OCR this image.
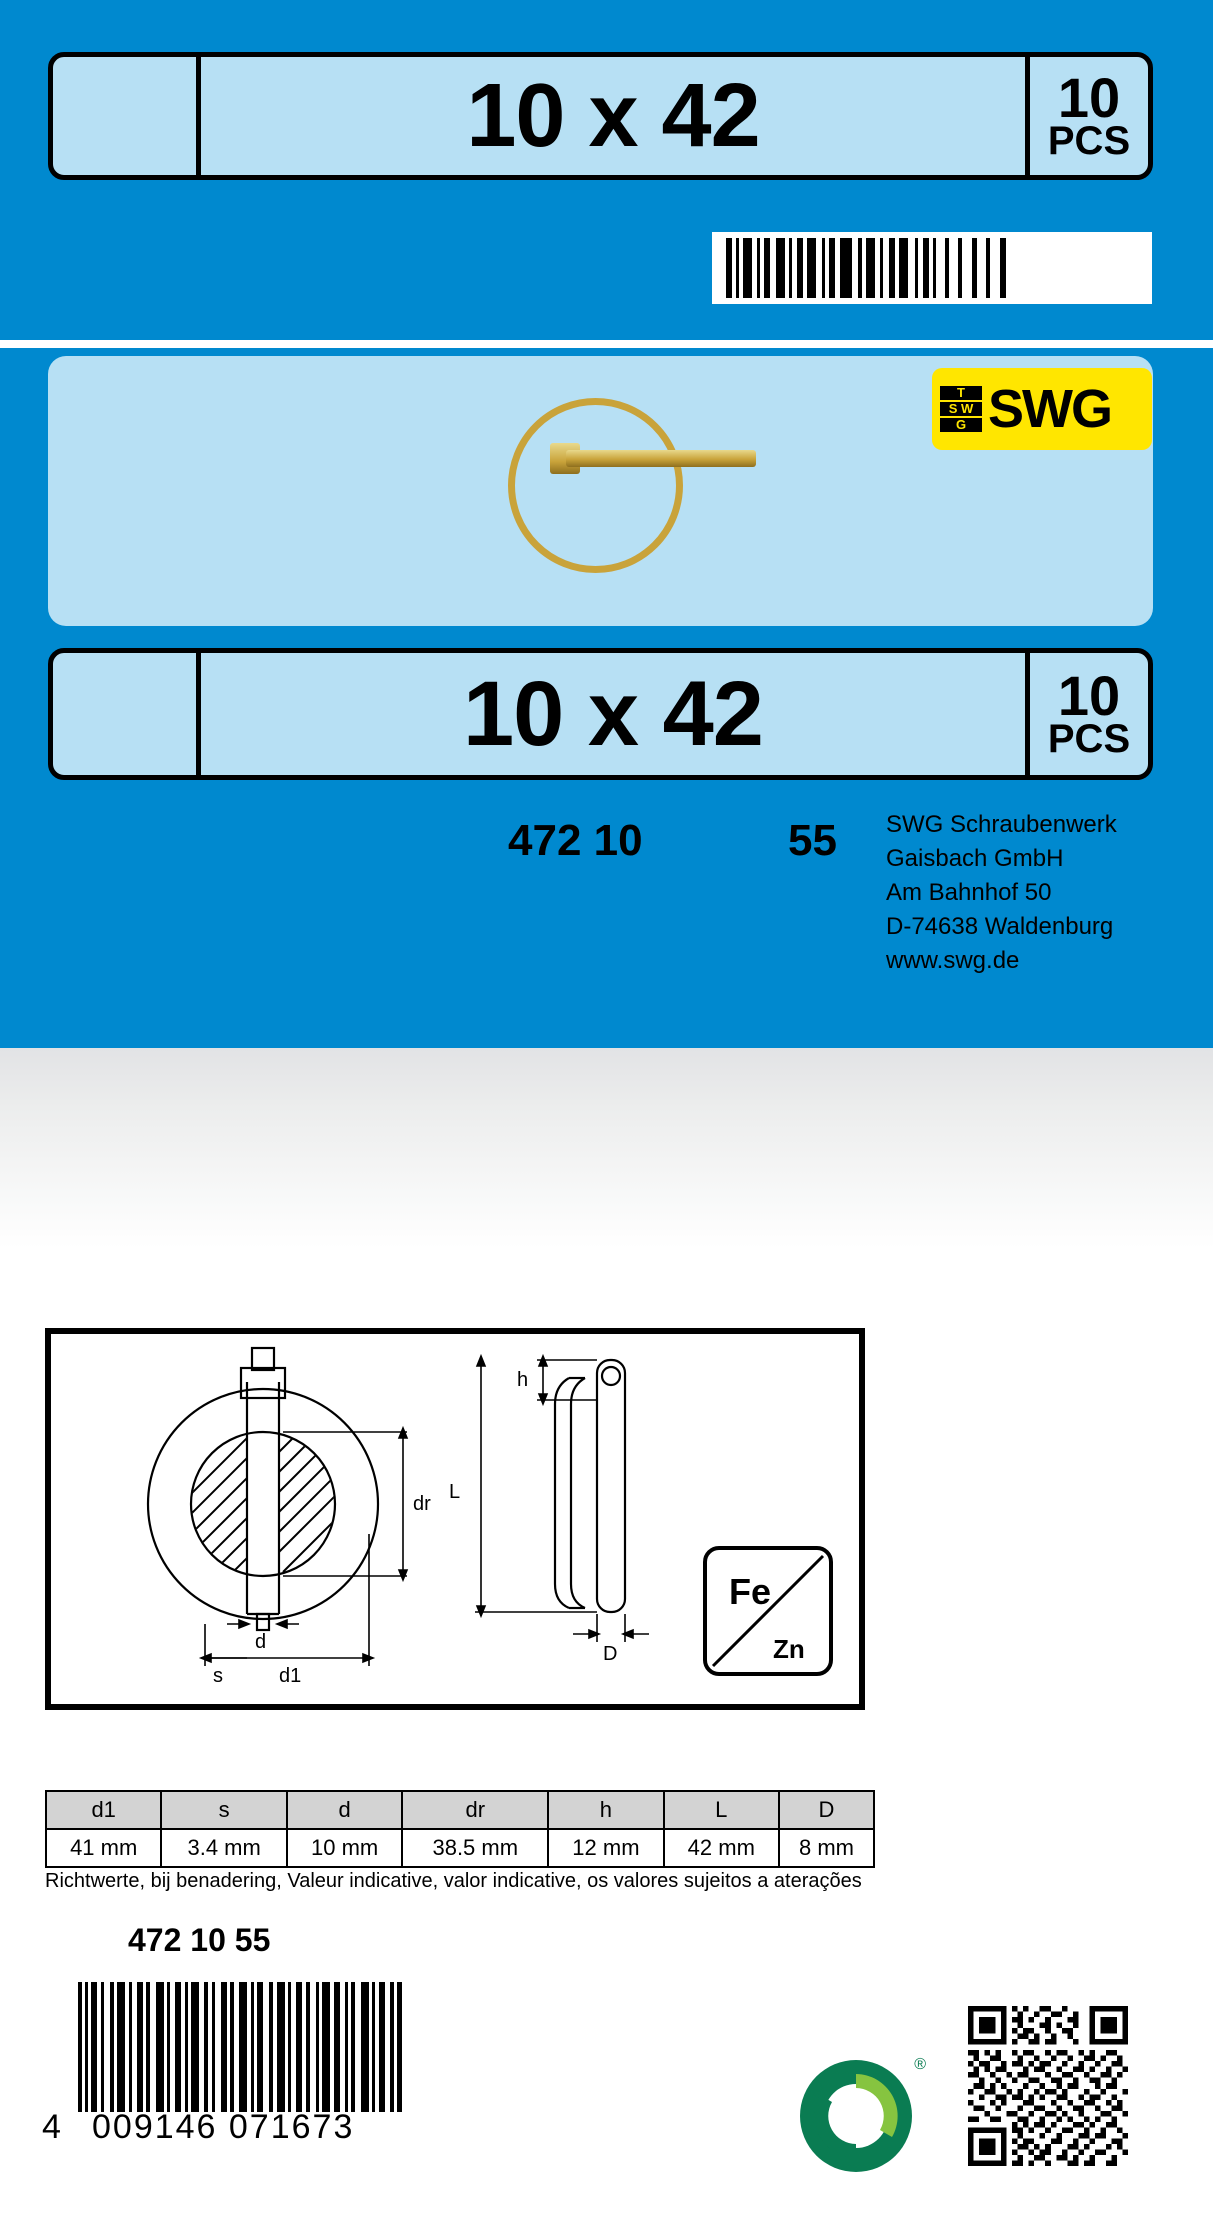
10 x 42	10
PCS
T
S W
G SWG
10 x 42	10
PCS
472 10	55 SWG Schraubenwerk
Gaisbach GmbH
Am Bahnhof 50
D-74638 Waldenburg
www.swg.de
dr
d1
s
d
h
L
D
Fe
Zn
d1	s	d	dr	h	L	D
41 mm	3.4 mm	10 mm	38.5 mm	12 mm	42 mm	8 mm
Richtwerte, bij benadering, Valeur indicative, valor indicative, os valores sujeitos a aterações
472 10 55
4 009146 071673
®
